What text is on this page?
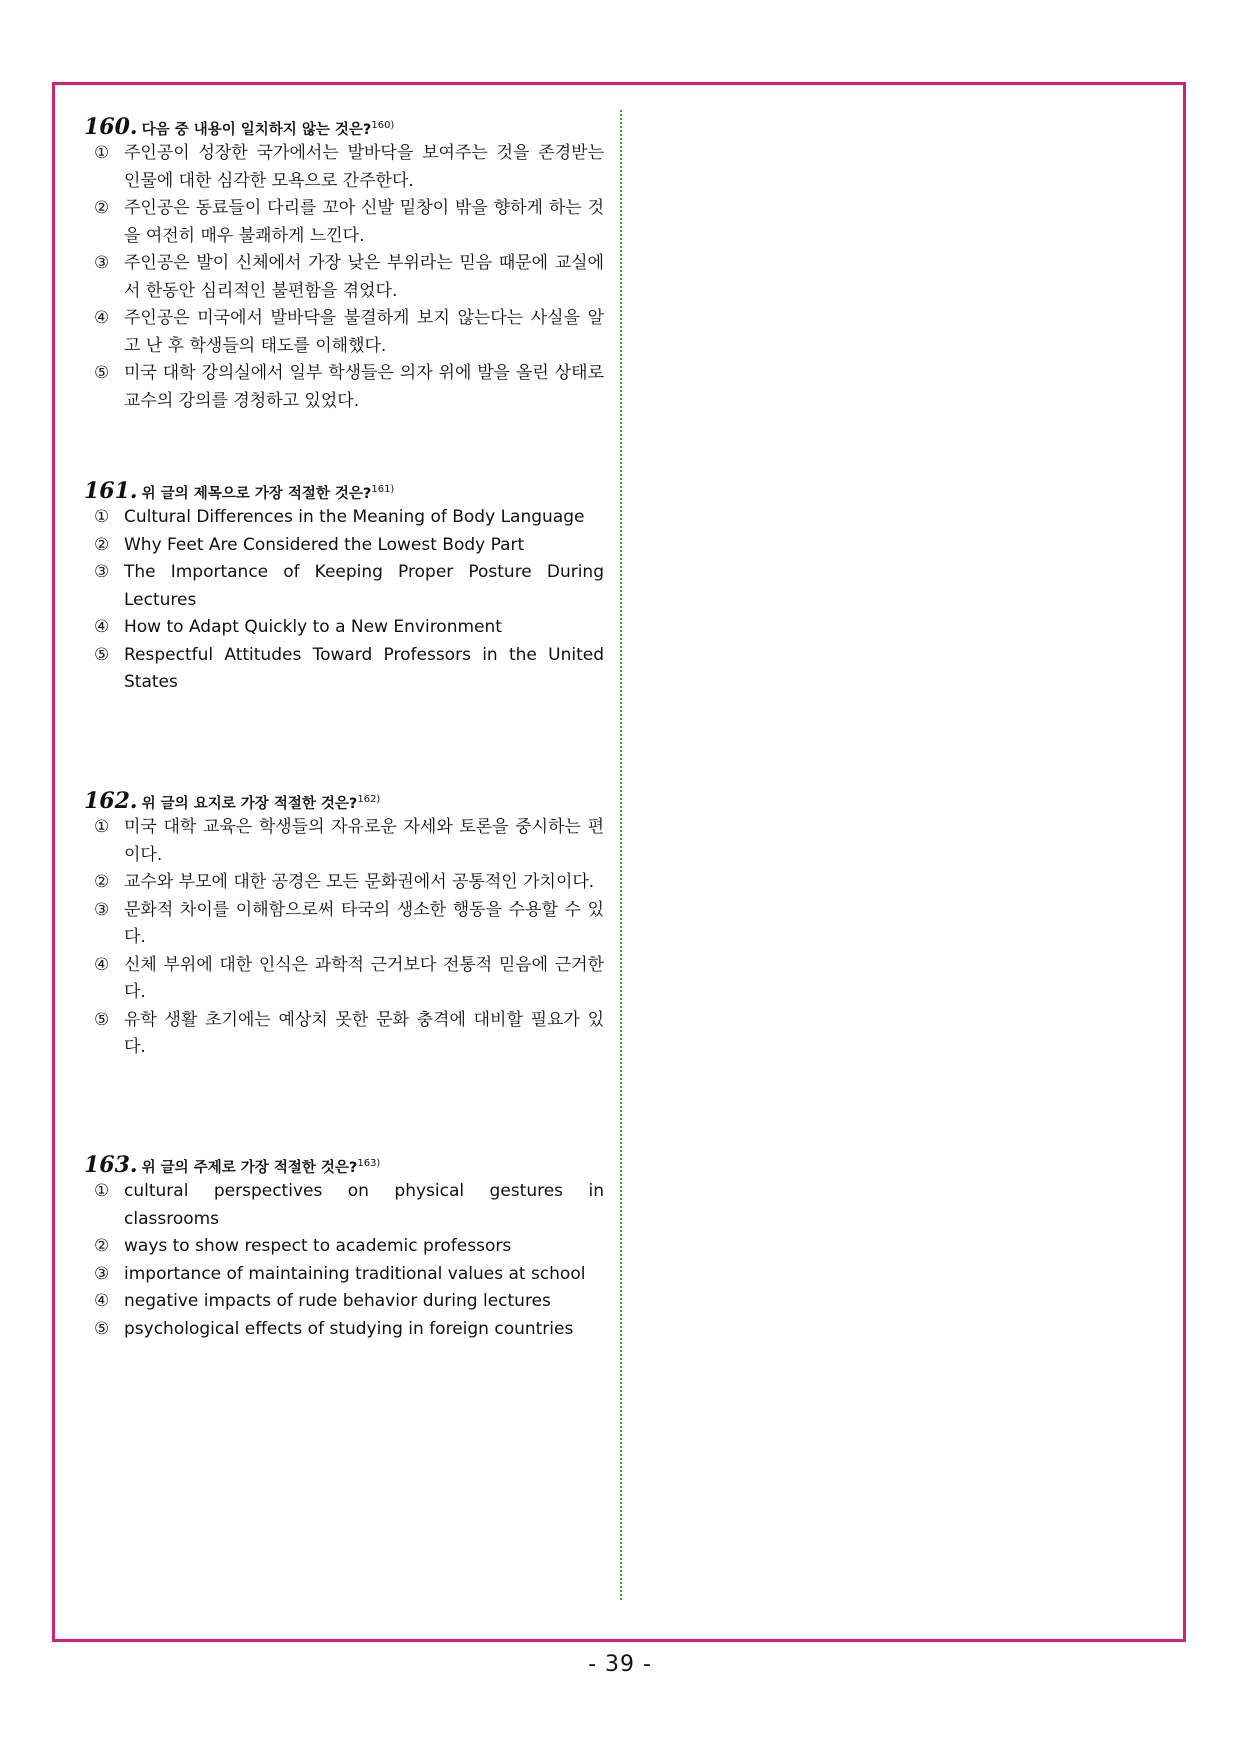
160. 다음 중 내용이 일치하지 않는 것은?$^{160)}$
① 주인공이 성장한 국가에서는 발바닥을 보여주는 것을 존경받는 인물에 대한 심각한 모욕으로 간주한다.
② 주인공은 동료들이 다리를 꼬아 신발 밑창이 밖을 향하게 하는 것을 여전히 매우 불쾌하게 느낀다.
③ 주인공은 발이 신체에서 가장 낮은 부위라는 믿음 때문에 교실에서 한동안 심리적인 불편함을 겪었다.
④ 주인공은 미국에서 발바닥을 불결하게 보지 않는다는 사실을 알고 난 후 학생들의 태도를 이해했다.
⑤ 미국 대학 강의실에서 일부 학생들은 의자 위에 발을 올린 상태로 교수의 강의를 경청하고 있었다.
161. 위 글의 제목으로 가장 적절한 것은?$^{161)}$
① Cultural Differences in the Meaning of Body Language
② Why Feet Are Considered the Lowest Body Part
③ The Importance of Keeping Proper Posture During Lectures
④ How to Adapt Quickly to a New Environment
⑤ Respectful Attitudes Toward Professors in the United States
162. 위 글의 요지로 가장 적절한 것은?$^{162)}$
① 미국 대학 교육은 학생들의 자유로운 자세와 토론을 중시하는 편이다.
② 교수와 부모에 대한 공경은 모든 문화권에서 공통적인 가치이다.
③ 문화적 차이를 이해함으로써 타국의 생소한 행동을 수용할 수 있다.
④ 신체 부위에 대한 인식은 과학적 근거보다 전통적 믿음에 근거한다.
⑤ 유학 생활 초기에는 예상치 못한 문화 충격에 대비할 필요가 있다.
163. 위 글의 주제로 가장 적절한 것은?$^{163)}$
① cultural perspectives on physical gestures in classrooms
② ways to show respect to academic professors
③ importance of maintaining traditional values at school
④ negative impacts of rude behavior during lectures
⑤ psychological effects of studying in foreign countries
- 39 -
